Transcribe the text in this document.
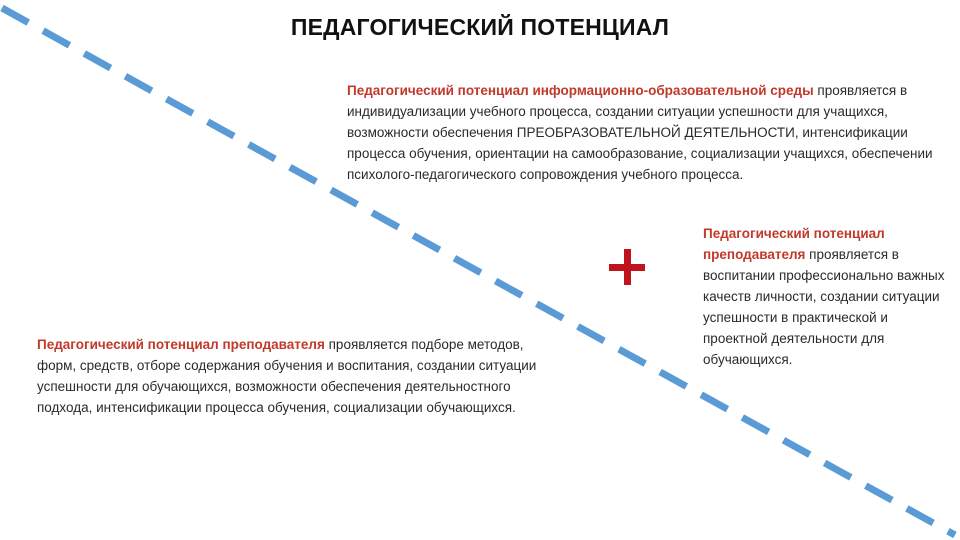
ПЕДАГОГИЧЕСКИЙ ПОТЕНЦИАЛ
Педагогический потенциал информационно-образовательной среды проявляется в индивидуализации учебного процесса, создании ситуации успешности для учащихся, возможности обеспечения ПРЕОБРАЗОВАТЕЛЬНОЙ ДЕЯТЕЛЬНОСТИ, интенсификации процесса обучения, ориентации на самообразование, социализации учащихся, обеспечении психолого-педагогического сопровождения учебного процесса.
Педагогический потенциал преподавателя проявляется в воспитании профессионально важных качеств личности, создании ситуации успешности в практической и проектной деятельности для обучающихся.
Педагогический потенциал преподавателя проявляется подборе методов, форм, средств, отборе содержания обучения и воспитания, создании ситуации успешности для обучающихся, возможности обеспечения деятельностного подхода, интенсификации процесса обучения, социализации обучающихся.
